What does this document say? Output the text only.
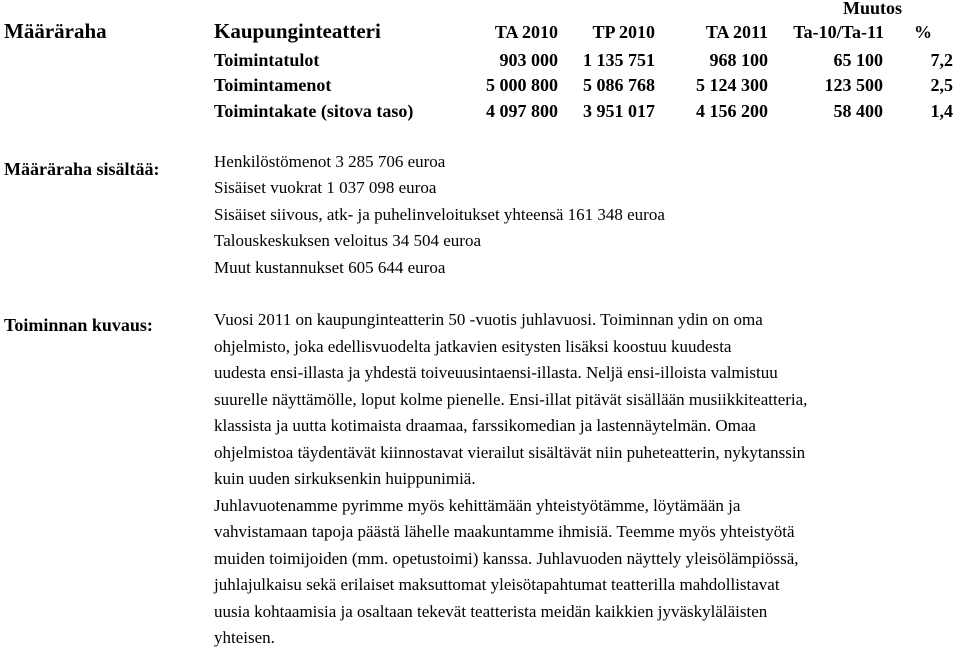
Muutos
Määräraha	Kaupunginteatteri	TA 2010	TP 2010	TA 2011	Ta-10/Ta-11 %
Toimintatulot	903 000	1 135 751	968 100	65 100	7,2
Toimintamenot	5 000 800	5 086 768	5 124 300	123 500	2,5
Toimintakate (sitova taso)	4 097 800	3 951 017	4 156 200	58 400	1,4
Määräraha sisältää:	Henkilöstömenot 3 285 706 euroa
Sisäiset vuokrat 1 037 098 euroa
Sisäiset siivous, atk- ja puhelinveloitukset yhteensä 161 348 euroa
Talouskeskuksen veloitus 34 504 euroa
Muut kustannukset 605 644 euroa
Toiminnan kuvaus:	Vuosi 2011 on kaupunginteatterin 50 -vuotis juhlavuosi. Toiminnan ydin on oma
ohjelmisto, joka edellisvuodelta jatkavien esitysten lisäksi koostuu kuudesta
uudesta ensi-illasta ja yhdestä toiveuusintaensi-illasta. Neljä ensi-illoista valmistuu
suurelle näyttämölle, loput kolme pienelle. Ensi-illat pitävät sisällään musiikkiteatteria,
klassista ja uutta kotimaista draamaa, farssikomedian ja lastennäytelmän. Omaa
ohjelmistoa täydentävät kiinnostavat vierailut sisältävät niin puheteatterin, nykytanssin
kuin uuden sirkuksenkin huippunimiä.
Juhlavuotenamme pyrimme myös kehittämään yhteistyötämme, löytämään ja
vahvistamaan tapoja päästä lähelle maakuntamme ihmisiä. Teemme myös yhteistyötä
muiden toimijoiden (mm. opetustoimi) kanssa. Juhlavuoden näyttely yleisölämpiössä,
juhlajulkaisu sekä erilaiset maksuttomat yleisötapahtumat teatterilla mahdollistavat
uusia kohtaamisia ja osaltaan tekevät teatterista meidän kaikkien jyväskyläläisten
yhteisen.
